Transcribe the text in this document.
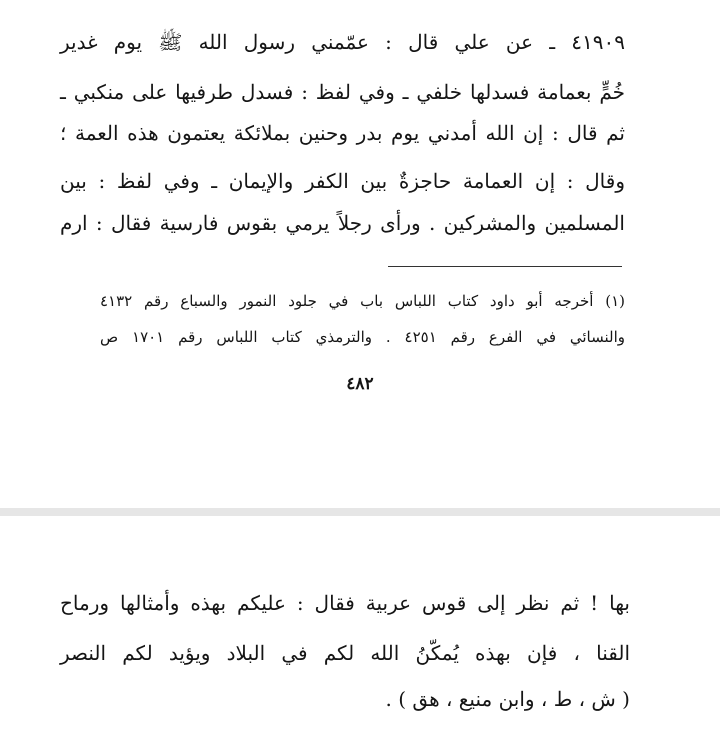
٤١٩٠٩ ـ عن علي قال : عمّمني رسول الله ﷺ يوم غدير
خُمٍّ بعمامة فسدلها خلفي ـ وفي لفظ : فسدل طرفيها على منكبي ـ
ثم قال : إن الله أمدني يوم بدر وحنين بملائكة يعتمون هذه العمة ؛
وقال : إن العمامة حاجزةٌ بين الكفر والإيمان ـ وفي لفظ : بين
المسلمين والمشركين . ورأى رجلاً يرمي بقوس فارسية فقال : ارم
(١) أخرجه أبو داود كتاب اللباس باب في جلود النمور والسباع رقم ٤١٣٢
والنسائي في الفرع رقم ٤٢٥١ . والترمذي كتاب اللباس رقم ١٧٠١ ص
٤٨٢
بها ! ثم نظر إلى قوس عربية فقال : عليكم بهذه وأمثالها ورماح
القنا ، فإن بهذه يُمكّنُ الله لكم في البلاد ويؤيد لكم النصر
( ش ، ط ، وابن منيع ، هق ) .
